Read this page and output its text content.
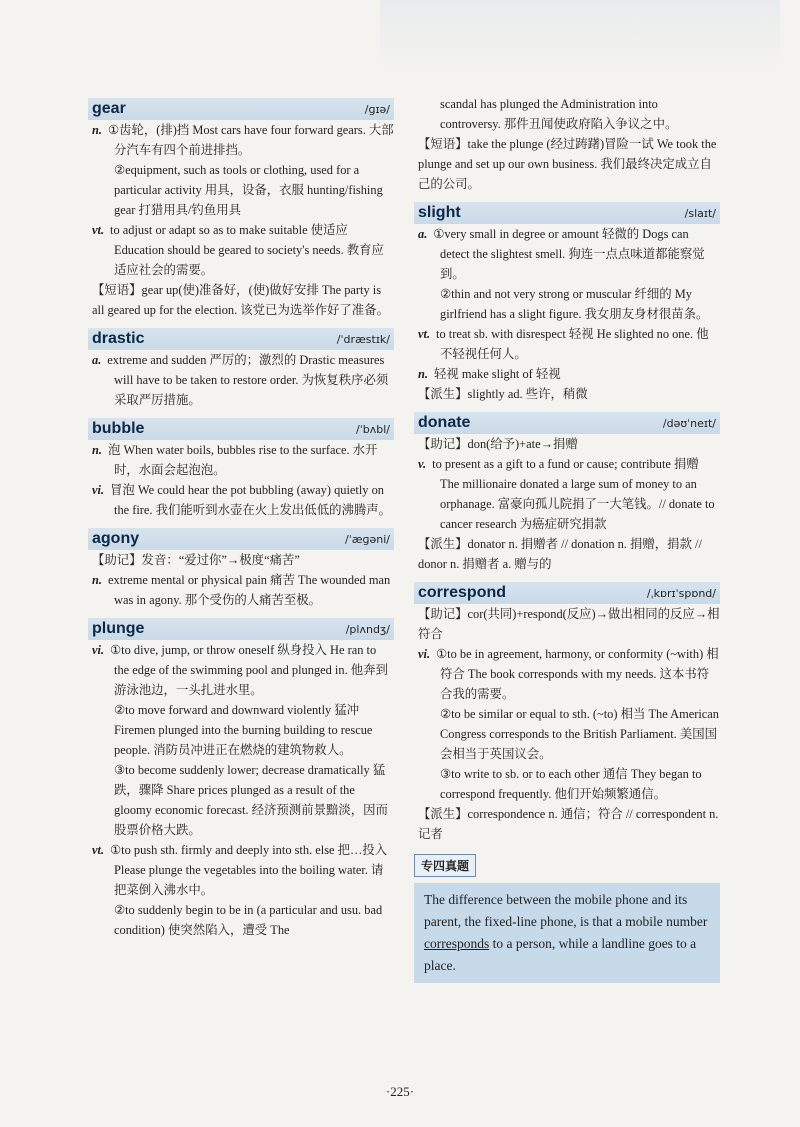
gear	/ɡɪə/

n. ①齿轮，(排)挡 Most cars have four forward gears. 大部分汽车有四个前进排挡。

②equipment, such as tools or clothing, used for a particular activity 用具，设备，衣服 hunting/fishing gear 打猎用具/钓鱼用具

vt. to adjust or adapt so as to make suitable 使适应 Education should be geared to society's needs. 教育应适应社会的需要。

【短语】gear up(使)准备好，(使)做好安排 The party is all geared up for the election. 该党已为选举作好了准备。

drastic	/ˈdræstɪk/

a. extreme and sudden 严厉的；激烈的 Drastic measures will have to be taken to restore order. 为恢复秩序必须采取严厉措施。

bubble	/ˈbʌbl/

n. 泡 When water boils, bubbles rise to the surface. 水开时，水面会起泡泡。

vi. 冒泡 We could hear the pot bubbling (away) quietly on the fire. 我们能听到水壶在火上发出低低的沸腾声。

agony	/ˈæɡəni/

【助记】发音：“爱过你”→极度“痛苦”

n. extreme mental or physical pain 痛苦 The wounded man was in agony. 那个受伤的人痛苦至极。

plunge	/plʌndʒ/

vi. ①to dive, jump, or throw oneself 纵身投入 He ran to the edge of the swimming pool and plunged in. 他奔到游泳池边，一头扎进水里。

②to move forward and downward violently 猛冲 Firemen plunged into the burning building to rescue people. 消防员冲进正在燃烧的建筑物救人。

③to become suddenly lower; decrease dramatically 猛跌，骤降 Share prices plunged as a result of the gloomy economic forecast. 经济预测前景黯淡，因而股票价格大跌。

vt. ①to push sth. firmly and deeply into sth. else 把…投入 Please plunge the vegetables into the boiling water. 请把菜倒入沸水中。

②to suddenly begin to be in (a particular and usu. bad condition) 使突然陷入，遭受 The

scandal has plunged the Administration into controversy. 那件丑闻使政府陷入争议之中。

【短语】take the plunge (经过踌躇)冒险一试 We took the plunge and set up our own business. 我们最终决定成立自己的公司。

slight	/slaɪt/

a. ①very small in degree or amount 轻微的 Dogs can detect the slightest smell. 狗连一点点味道都能察觉到。

②thin and not very strong or muscular 纤细的 My girlfriend has a slight figure. 我女朋友身材很苗条。

vt. to treat sb. with disrespect 轻视 He slighted no one. 他不轻视任何人。

n. 轻视 make slight of 轻视

【派生】slightly ad. 些许，稍微

donate	/dəʊˈneɪt/

【助记】don(给予)+ate→捐赠

v. to present as a gift to a fund or cause; contribute 捐赠 The millionaire donated a large sum of money to an orphanage. 富豪向孤儿院捐了一大笔钱。// donate to cancer research 为癌症研究捐款

【派生】donator n. 捐赠者 // donation n. 捐赠，捐款 // donor n. 捐赠者 a. 赠与的

correspond	/ˌkɒrɪˈspɒnd/

【助记】cor(共同)+respond(反应)→做出相同的反应→相符合

vi. ①to be in agreement, harmony, or conformity (~with) 相符合 The book corresponds with my needs. 这本书符合我的需要。

②to be similar or equal to sth. (~to) 相当 The American Congress corresponds to the British Parliament. 美国国会相当于英国议会。

③to write to sb. or to each other 通信 They began to correspond frequently. 他们开始频繁通信。

【派生】correspondence n. 通信；符合 // correspondent n. 记者

专四真题
The difference between the mobile phone and its parent, the fixed-line phone, is that a mobile number corresponds to a person, while a landline goes to a place.
·225·
